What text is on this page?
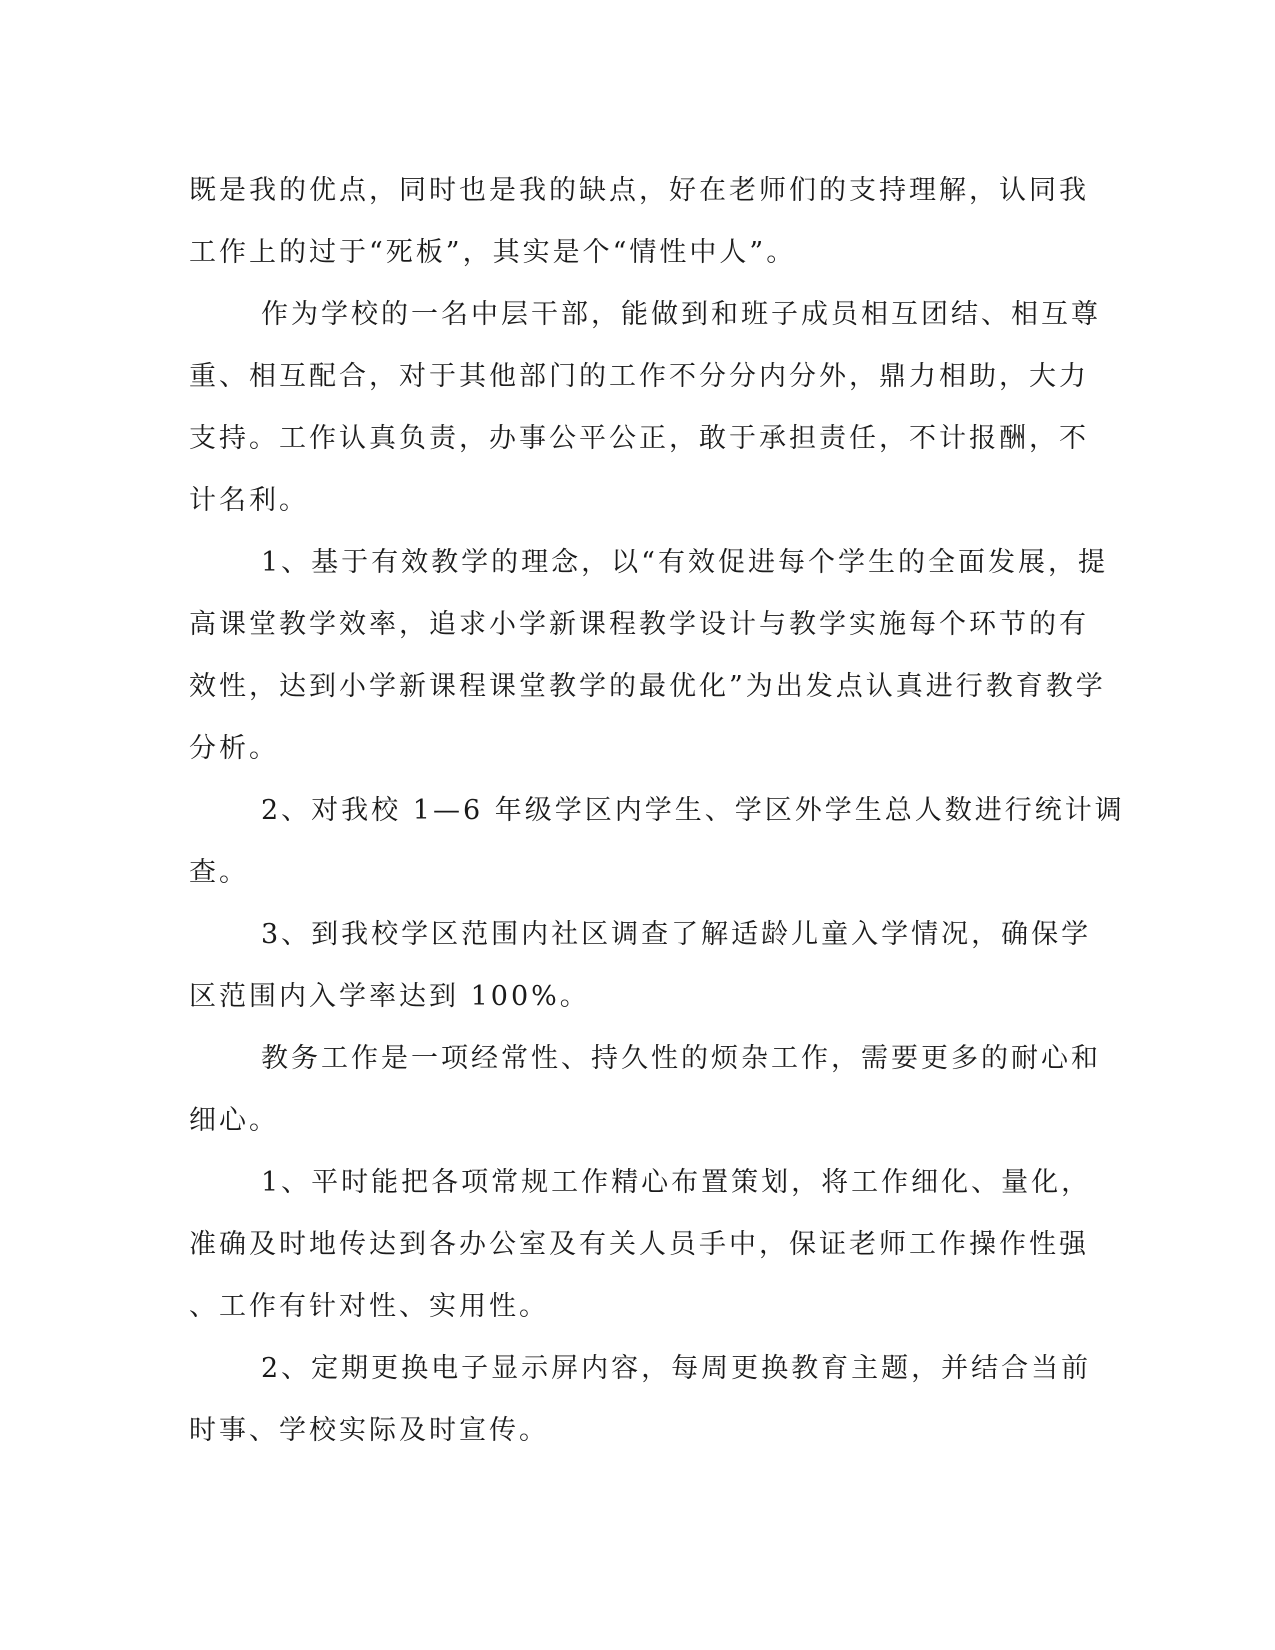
既是我的优点，同时也是我的缺点，好在老师们的支持理解，认同我
工作上的过于“死板”，其实是个“情性中人”。
作为学校的一名中层干部，能做到和班子成员相互团结、相互尊
重、相互配合，对于其他部门的工作不分分内分外，鼎力相助，大力
支持。工作认真负责，办事公平公正，敢于承担责任，不计报酬，不
计名利。
1、基于有效教学的理念，以“有效促进每个学生的全面发展，提
高课堂教学效率，追求小学新课程教学设计与教学实施每个环节的有
效性，达到小学新课程课堂教学的最优化”为出发点认真进行教育教学
分析。
2、对我校 1—6 年级学区内学生、学区外学生总人数进行统计调
查。
3、到我校学区范围内社区调查了解适龄儿童入学情况，确保学
区范围内入学率达到 100%。
教务工作是一项经常性、持久性的烦杂工作，需要更多的耐心和
细心。
1、平时能把各项常规工作精心布置策划，将工作细化、量化，
准确及时地传达到各办公室及有关人员手中，保证老师工作操作性强
、工作有针对性、实用性。
2、定期更换电子显示屏内容，每周更换教育主题，并结合当前
时事、学校实际及时宣传。
